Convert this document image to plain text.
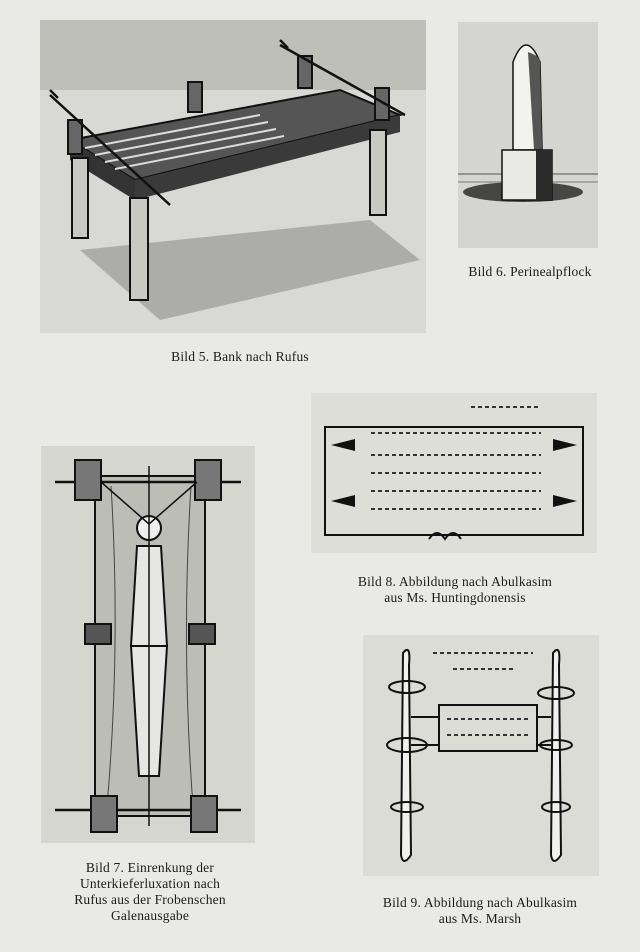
Bild 5. Bank nach Rufus
Bild 6. Perinealpflock
Bild 8. Abbildung nach Abulkasim
aus Ms. Huntingdonensis
Bild 7. Einrenkung der
Unterkieferluxation nach
Rufus aus der Frobenschen
Galenausgabe
Bild 9. Abbildung nach Abulkasim
aus Ms. Marsh
